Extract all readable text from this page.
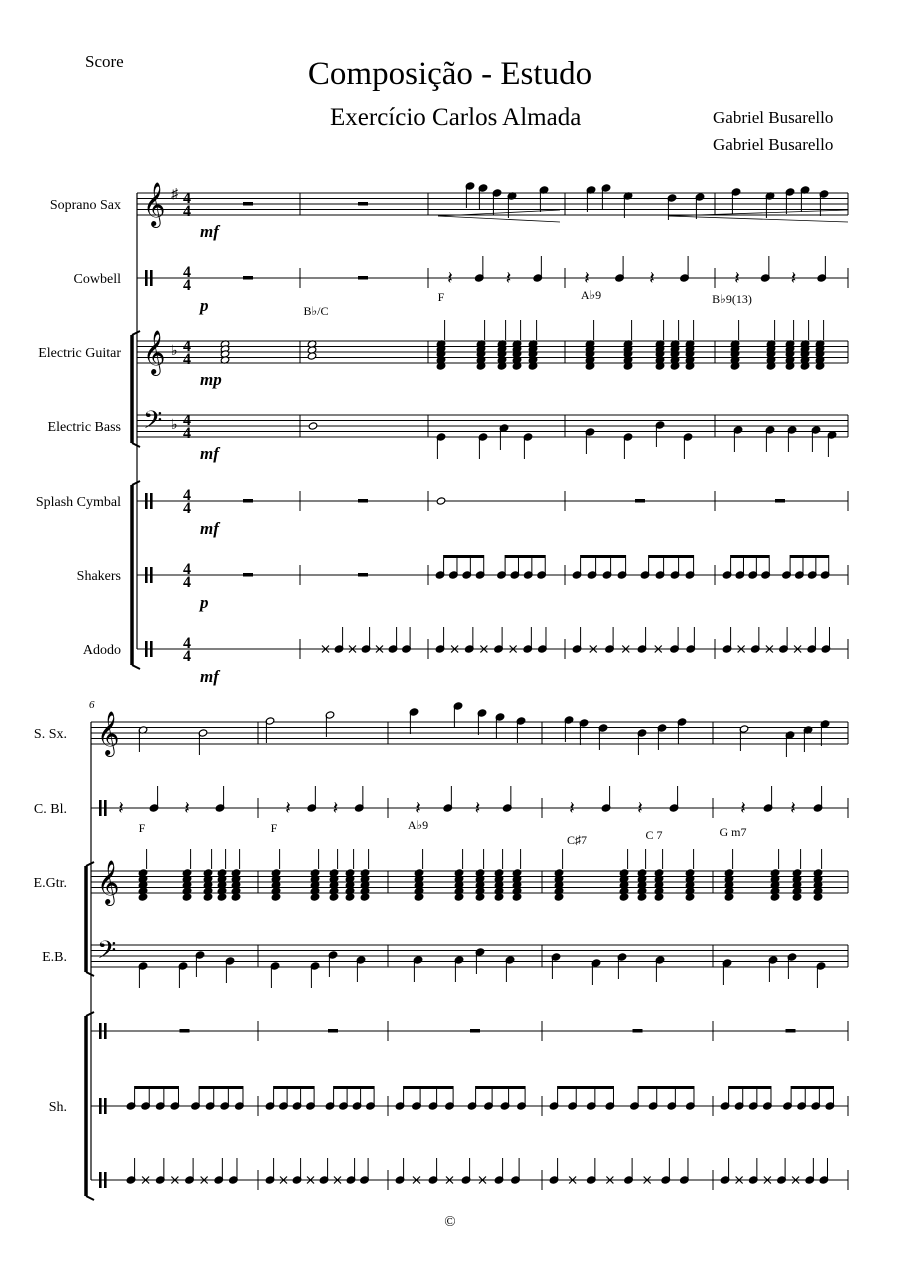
Score	Composição - Estudo
Exercício Carlos Almada	Gabriel Busarello
Gabriel Busarello
©
Soprano Sax 𝄞 ♯ 4
4
mf
Cowbell	4
4
p
Electric Guitar 𝄞 ♭ 4
4
mp
Electric Bass 𝄢 ♭ 4
4
mf
Splash Cymbal	4
4
mf
Shakers	4
4
p
Adodo	4
4
mf
𝄽	𝄽	𝄽	𝄽	𝄽	𝄽
B♭/C
F	A♭9	B♭9(13)
6
S. Sx. 𝄞
C. Bl.
E.Gtr. 𝄞
E.B. 𝄢
Sh.
𝄽	𝄽	𝄽 𝄽	𝄽	𝄽	𝄽	𝄽	𝄽 𝄽
F	F	A♭9
C♯7	C 7	G m7
